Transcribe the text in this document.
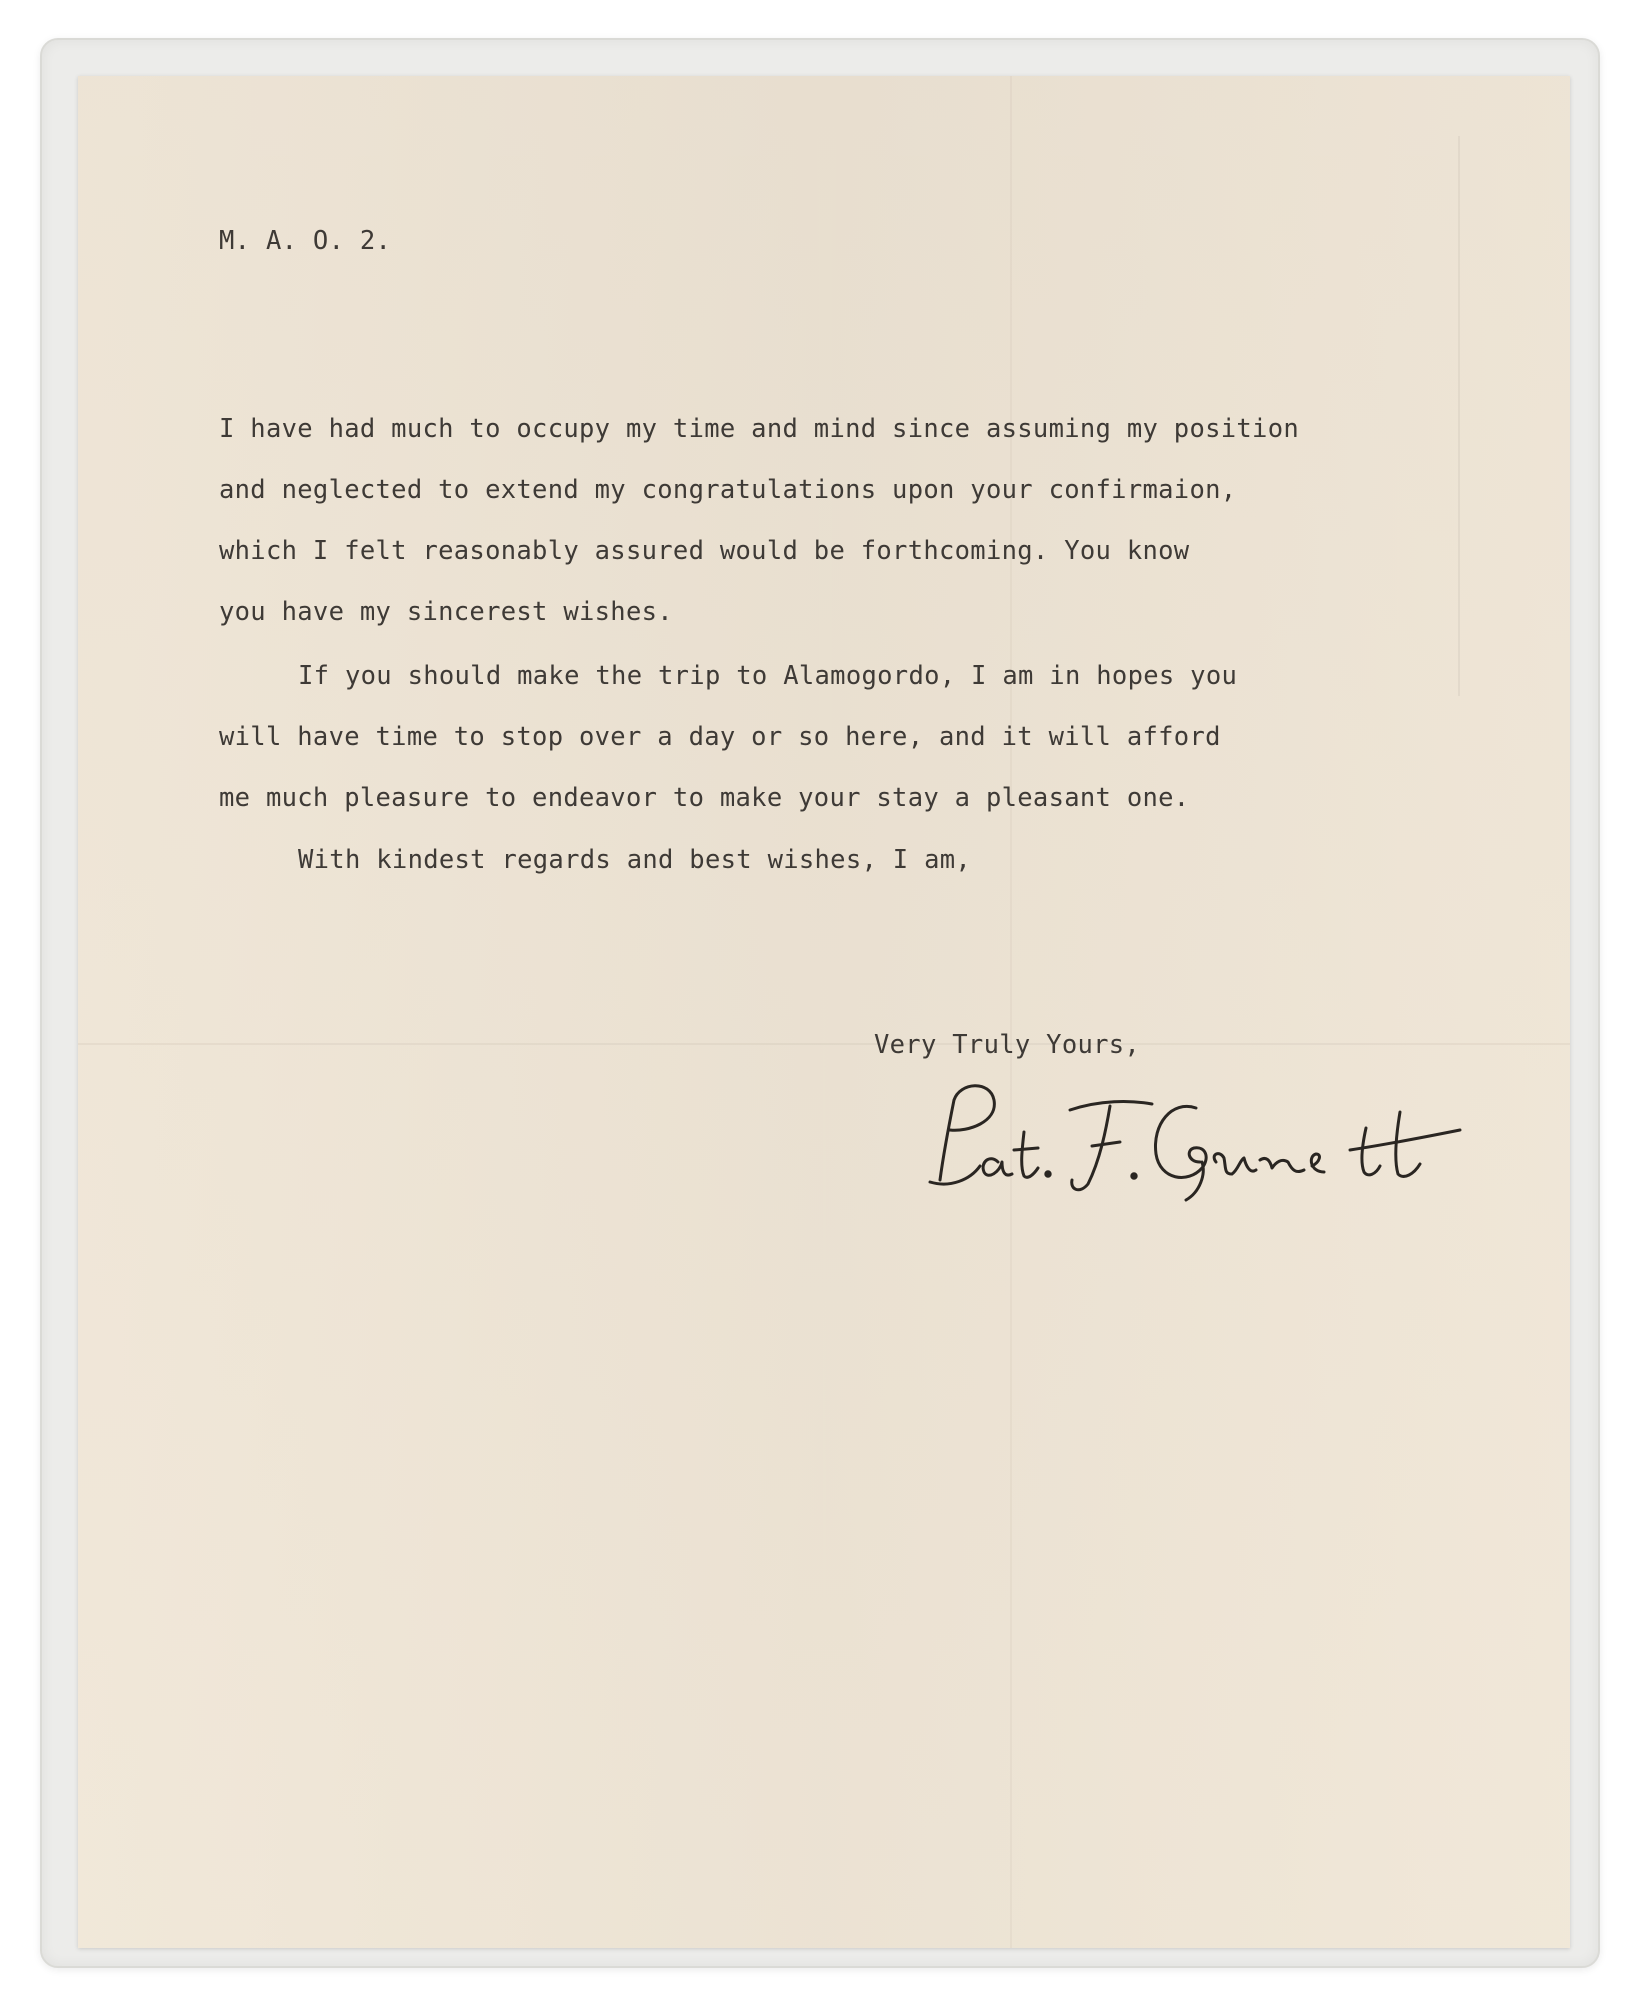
M. A. O. 2.

I have had much to occupy my time and mind since assuming my position

and neglected to extend my congratulations upon your confirmaion,

which I felt reasonably assured would be forthcoming. You know

you have my sincerest wishes.

If you should make the trip to Alamogordo, I am in hopes you

will have time to stop over a day or so here, and it will afford

me much pleasure to endeavor to make your stay a pleasant one.

With kindest regards and best wishes, I am,

Very Truly Yours,
